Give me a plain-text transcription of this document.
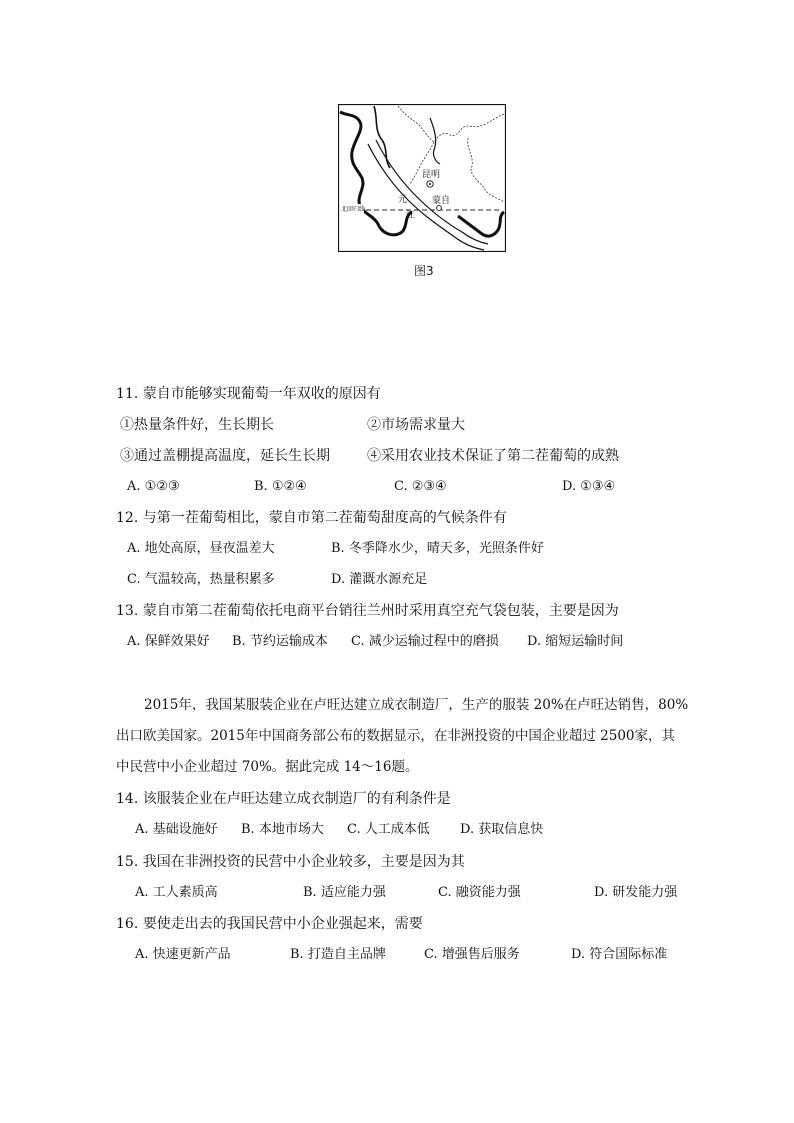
昆明
蒙自
元
江
北回归线
图3
11. 蒙自市能够实现葡萄一年双收的原因有
①热量条件好，生长期长	②市场需求量大
③通过盖棚提高温度，延长生长期	④采用农业技术保证了第二茬葡萄的成熟
A. ①②③	B. ①②④	C. ②③④	D. ①③④
12. 与第一茬葡萄相比，蒙自市第二茬葡萄甜度高的气候条件有
A. 地处高原，昼夜温差大	B. 冬季降水少，晴天多，光照条件好
C. 气温较高，热量积累多	D. 灌溉水源充足
13. 蒙自市第二茬葡萄依托电商平台销往兰州时采用真空充气袋包装，主要是因为
A. 保鲜效果好 B. 节约运输成本 C. 减少运输过程中的磨损 D. 缩短运输时间
2015年，我国某服装企业在卢旺达建立成衣制造厂，生产的服装 20%在卢旺达销售，80%
出口欧美国家。2015年中国商务部公布的数据显示，在非洲投资的中国企业超过 2500家，其
中民营中小企业超过 70%。据此完成 14～16题。
14. 该服装企业在卢旺达建立成衣制造厂的有利条件是
A. 基础设施好 B. 本地市场大 C. 人工成本低 D. 获取信息快
15. 我国在非洲投资的民营中小企业较多，主要是因为其
A. 工人素质高	B. 适应能力强	C. 融资能力强	D. 研发能力强
16. 要使走出去的我国民营中小企业强起来，需要
A. 快速更新产品	B. 打造自主品牌	C. 增强售后服务	D. 符合国际标准
